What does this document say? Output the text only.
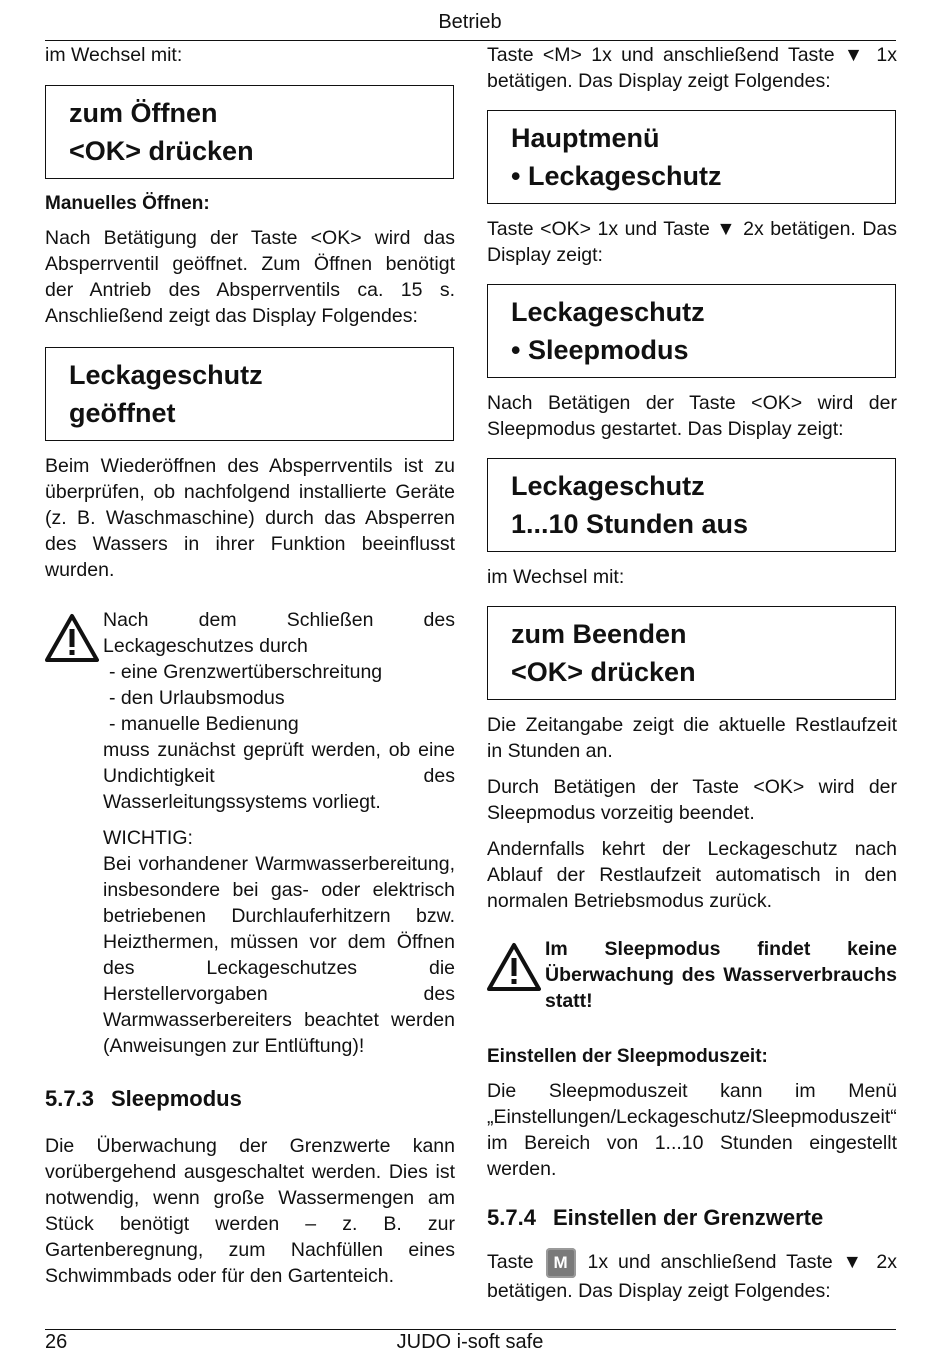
Betrieb

im Wechsel mit:

zum Öffnen
<OK> drücken

Manuelles Öffnen:

Nach Betätigung der Taste <OK> wird das Absperrventil geöffnet. Zum Öffnen benötigt der Antrieb des Absperrventils ca. 15 s. Anschließend zeigt das Display Folgendes:

Leckageschutz
geöffnet

Beim Wiederöffnen des Absperrventils ist zu überprüfen, ob nachfolgend installierte Geräte (z. B. Waschmaschine) durch das Absperren des Wassers in ihrer Funktion beeinflusst wurden.

Nach dem Schließen des Leckageschutzes durch

- eine Grenzwertüberschreitung
- den Urlaubsmodus
- manuelle Bedienung

muss zunächst geprüft werden, ob eine Undichtigkeit des Wasserleitungssystems vorliegt.

WICHTIG:

Bei vorhandener Warmwasserbereitung, insbesondere bei gas- oder elektrisch betriebenen Durchlauferhitzern bzw. Heizthermen, müssen vor dem Öffnen des Leckageschutzes die Herstellervorgaben des Warmwasserbereiters beachtet werden (Anweisungen zur Entlüftung)!

5.7.3 Sleepmodus

Die Überwachung der Grenzwerte kann vorübergehend ausgeschaltet werden. Dies ist notwendig, wenn große Wassermengen am Stück benötigt werden – z. B. zur Gartenberegnung, zum Nachfüllen eines Schwimmbads oder für den Gartenteich.

Taste <M> 1x und anschließend Taste ▼ 1x betätigen. Das Display zeigt Folgendes:

Hauptmenü
• Leckageschutz

Taste <OK> 1x und Taste ▼ 2x betätigen. Das Display zeigt:

Leckageschutz
• Sleepmodus

Nach Betätigen der Taste <OK> wird der Sleepmodus gestartet. Das Display zeigt:

Leckageschutz
1...10 Stunden aus

im Wechsel mit:

zum Beenden
<OK> drücken

Die Zeitangabe zeigt die aktuelle Restlaufzeit in Stunden an.

Durch Betätigen der Taste <OK> wird der Sleepmodus vorzeitig beendet.

Andernfalls kehrt der Leckageschutz nach Ablauf der Restlaufzeit automatisch in den normalen Betriebsmodus zurück.

Im Sleepmodus findet keine Überwachung des Wasserverbrauchs statt!

Einstellen der Sleepmoduszeit:

Die Sleepmoduszeit kann im Menü „Einstellungen/Leckageschutz/Sleepmoduszeit“ im Bereich von 1...10 Stunden eingestellt werden.

5.7.4 Einstellen der Grenzwerte

Taste M 1x und anschließend Taste ▼ 2x betätigen. Das Display zeigt Folgendes:

26	JUDO i-soft safe
